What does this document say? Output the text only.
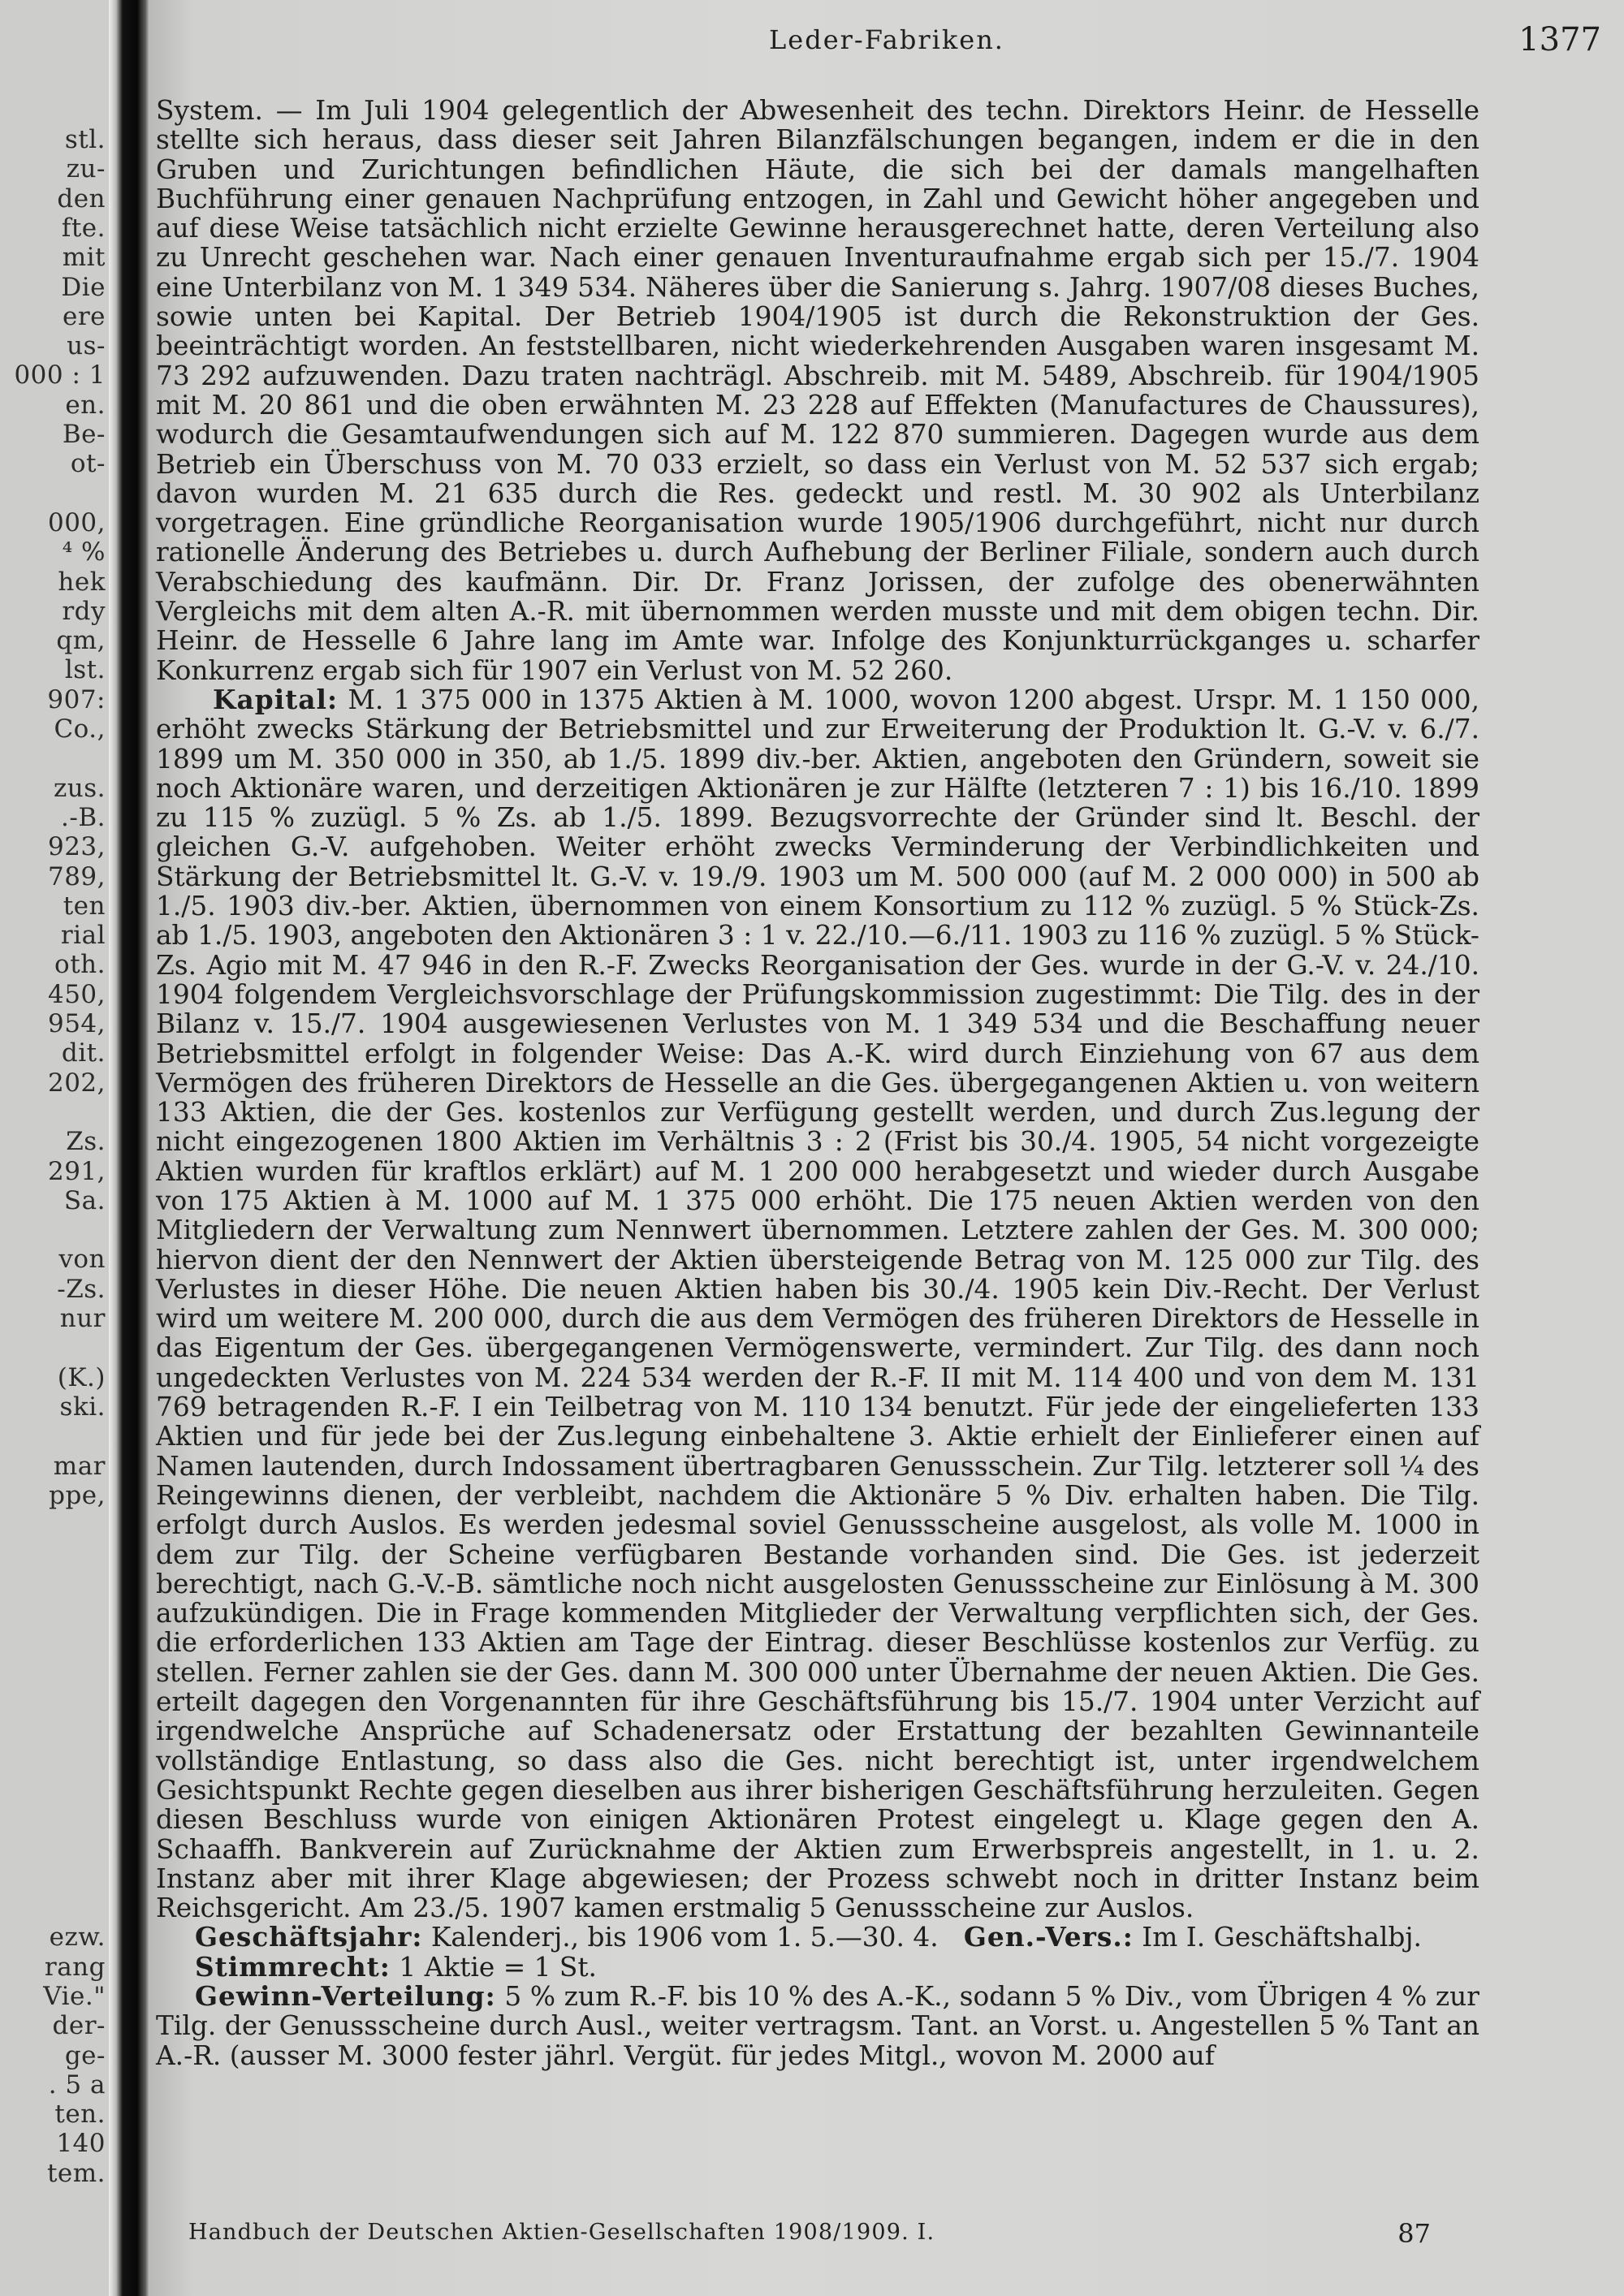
stl.

zu-

den

fte.

mit

Die

ere

us-

000 : 1

en.

Be-

ot-

000,

⁴ %

hek

rdy

qm,

lst.

907:

Co.,

zus.

.-B.

923,

789,

ten

rial

oth.

450,

954,

dit.

202,

Zs.

291,

Sa.

von

-Zs.

nur

(K.)

ski.

mar

ppe,

ezw.

rang

Vie."

der-

ge-

. 5 a

ten.

140

tem.

Leder-Fabriken.	1377

System. — Im Juli 1904 gelegentlich der Abwesenheit des techn. Direktors Heinr. de Hesselle stellte sich heraus, dass dieser seit Jahren Bilanzfälschungen begangen, indem er die in den Gruben und Zurichtungen befindlichen Häute, die sich bei der damals mangelhaften Buchführung einer genauen Nachprüfung entzogen, in Zahl und Gewicht höher angegeben und auf diese Weise tatsächlich nicht erzielte Gewinne herausgerechnet hatte, deren Verteilung also zu Unrecht geschehen war. Nach einer genauen Inventuraufnahme ergab sich per 15./7. 1904 eine Unterbilanz von M. 1 349 534. Näheres über die Sanierung s. Jahrg. 1907/08 dieses Buches, sowie unten bei Kapital. Der Betrieb 1904/1905 ist durch die Rekonstruktion der Ges. beeinträchtigt worden. An feststellbaren, nicht wiederkehrenden Ausgaben waren insgesamt M. 73 292 aufzuwenden. Dazu traten nachträgl. Abschreib. mit M. 5489, Abschreib. für 1904/1905 mit M. 20 861 und die oben erwähnten M. 23 228 auf Effekten (Manufactures de Chaussures), wodurch die Gesamtaufwendungen sich auf M. 122 870 summieren. Dagegen wurde aus dem Betrieb ein Überschuss von M. 70 033 erzielt, so dass ein Verlust von M. 52 537 sich ergab; davon wurden M. 21 635 durch die Res. gedeckt und restl. M. 30 902 als Unterbilanz vorgetragen. Eine gründliche Reorganisation wurde 1905/1906 durchgeführt, nicht nur durch rationelle Änderung des Betriebes u. durch Aufhebung der Berliner Filiale, sondern auch durch Verabschiedung des kaufmänn. Dir. Dr. Franz Jorissen, der zufolge des obenerwähnten Vergleichs mit dem alten A.-R. mit übernommen werden musste und mit dem obigen techn. Dir. Heinr. de Hesselle 6 Jahre lang im Amte war. Infolge des Konjunkturrückganges u. scharfer Konkurrenz ergab sich für 1907 ein Verlust von M. 52 260.

Kapital: M. 1 375 000 in 1375 Aktien à M. 1000, wovon 1200 abgest. Urspr. M. 1 150 000, erhöht zwecks Stärkung der Betriebsmittel und zur Erweiterung der Produktion lt. G.-V. v. 6./7. 1899 um M. 350 000 in 350, ab 1./5. 1899 div.-ber. Aktien, angeboten den Gründern, soweit sie noch Aktionäre waren, und derzeitigen Aktionären je zur Hälfte (letzteren 7 : 1) bis 16./10. 1899 zu 115 % zuzügl. 5 % Zs. ab 1./5. 1899. Bezugsvorrechte der Gründer sind lt. Beschl. der gleichen G.-V. aufgehoben. Weiter erhöht zwecks Verminderung der Verbindlichkeiten und Stärkung der Betriebsmittel lt. G.-V. v. 19./9. 1903 um M. 500 000 (auf M. 2 000 000) in 500 ab 1./5. 1903 div.-ber. Aktien, übernommen von einem Konsortium zu 112 % zuzügl. 5 % Stück-Zs. ab 1./5. 1903, angeboten den Aktionären 3 : 1 v. 22./10.—6./11. 1903 zu 116 % zuzügl. 5 % Stück-Zs. Agio mit M. 47 946 in den R.-F. Zwecks Reorganisation der Ges. wurde in der G.-V. v. 24./10. 1904 folgendem Vergleichsvorschlage der Prüfungskommission zugestimmt: Die Tilg. des in der Bilanz v. 15./7. 1904 ausgewiesenen Verlustes von M. 1 349 534 und die Beschaffung neuer Betriebsmittel erfolgt in folgender Weise: Das A.-K. wird durch Einziehung von 67 aus dem Vermögen des früheren Direktors de Hesselle an die Ges. übergegangenen Aktien u. von weitern 133 Aktien, die der Ges. kostenlos zur Verfügung gestellt werden, und durch Zus.legung der nicht eingezogenen 1800 Aktien im Verhältnis 3 : 2 (Frist bis 30./4. 1905, 54 nicht vorgezeigte Aktien wurden für kraftlos erklärt) auf M. 1 200 000 herabgesetzt und wieder durch Ausgabe von 175 Aktien à M. 1000 auf M. 1 375 000 erhöht. Die 175 neuen Aktien werden von den Mitgliedern der Verwaltung zum Nennwert übernommen. Letztere zahlen der Ges. M. 300 000; hiervon dient der den Nennwert der Aktien übersteigende Betrag von M. 125 000 zur Tilg. des Verlustes in dieser Höhe. Die neuen Aktien haben bis 30./4. 1905 kein Div.-Recht. Der Verlust wird um weitere M. 200 000, durch die aus dem Vermögen des früheren Direktors de Hesselle in das Eigentum der Ges. übergegangenen Vermögenswerte, vermindert. Zur Tilg. des dann noch ungedeckten Verlustes von M. 224 534 werden der R.-F. II mit M. 114 400 und von dem M. 131 769 betragenden R.-F. I ein Teilbetrag von M. 110 134 benutzt. Für jede der eingelieferten 133 Aktien und für jede bei der Zus.legung einbehaltene 3. Aktie erhielt der Einlieferer einen auf Namen lautenden, durch Indossament übertragbaren Genussschein. Zur Tilg. letzterer soll ¼ des Reingewinns dienen, der verbleibt, nachdem die Aktionäre 5 % Div. erhalten haben. Die Tilg. erfolgt durch Auslos. Es werden jedesmal soviel Genussscheine ausgelost, als volle M. 1000 in dem zur Tilg. der Scheine verfügbaren Bestande vorhanden sind. Die Ges. ist jederzeit berechtigt, nach G.-V.-B. sämtliche noch nicht ausgelosten Genussscheine zur Einlösung à M. 300 aufzukündigen. Die in Frage kommenden Mitglieder der Verwaltung verpflichten sich, der Ges. die erforderlichen 133 Aktien am Tage der Eintrag. dieser Beschlüsse kostenlos zur Verfüg. zu stellen. Ferner zahlen sie der Ges. dann M. 300 000 unter Übernahme der neuen Aktien. Die Ges. erteilt dagegen den Vorgenannten für ihre Geschäftsführung bis 15./7. 1904 unter Verzicht auf irgendwelche Ansprüche auf Schadenersatz oder Erstattung der bezahlten Gewinnanteile vollständige Entlastung, so dass also die Ges. nicht berechtigt ist, unter irgendwelchem Gesichtspunkt Rechte gegen dieselben aus ihrer bisherigen Geschäftsführung herzuleiten. Gegen diesen Beschluss wurde von einigen Aktionären Protest eingelegt u. Klage gegen den A. Schaaffh. Bankverein auf Zurücknahme der Aktien zum Erwerbspreis angestellt, in 1. u. 2. Instanz aber mit ihrer Klage abgewiesen; der Prozess schwebt noch in dritter Instanz beim Reichsgericht. Am 23./5. 1907 kamen erstmalig 5 Genussscheine zur Auslos.

Geschäftsjahr: Kalenderj., bis 1906 vom 1. 5.—30. 4. Gen.-Vers.: Im I. Geschäftshalbj.

Stimmrecht: 1 Aktie = 1 St.

Gewinn-Verteilung: 5 % zum R.-F. bis 10 % des A.-K., sodann 5 % Div., vom Übrigen 4 % zur Tilg. der Genussscheine durch Ausl., weiter vertragsm. Tant. an Vorst. u. Angestellen 5 % Tant an A.-R. (ausser M. 3000 fester jährl. Vergüt. für jedes Mitgl., wovon M. 2000 auf

Handbuch der Deutschen Aktien-Gesellschaften 1908/1909. I.	87
